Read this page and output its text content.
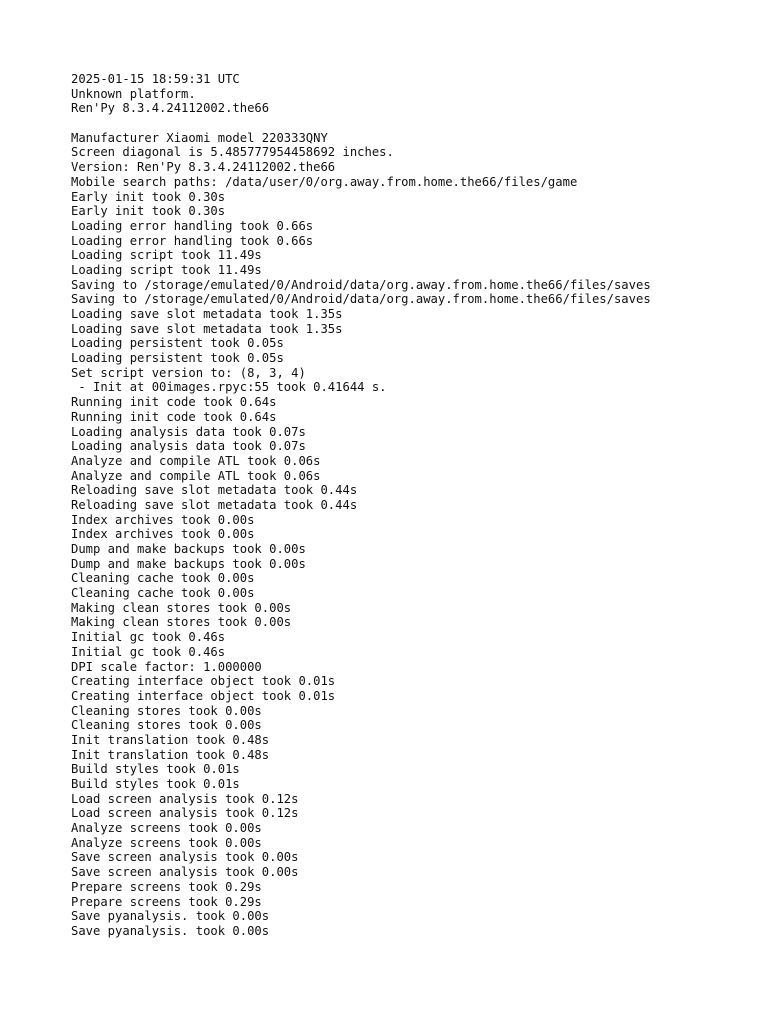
2025-01-15 18:59:31 UTC
Unknown platform.
Ren'Py 8.3.4.24112002.the66
Manufacturer Xiaomi model 220333QNY
Screen diagonal is 5.485777954458692 inches.
Version: Ren'Py 8.3.4.24112002.the66
Mobile search paths: /data/user/0/org.away.from.home.the66/files/game
Early init took 0.30s
Early init took 0.30s
Loading error handling took 0.66s
Loading error handling took 0.66s
Loading script took 11.49s
Loading script took 11.49s
Saving to /storage/emulated/0/Android/data/org.away.from.home.the66/files/saves
Saving to /storage/emulated/0/Android/data/org.away.from.home.the66/files/saves
Loading save slot metadata took 1.35s
Loading save slot metadata took 1.35s
Loading persistent took 0.05s
Loading persistent took 0.05s
Set script version to: (8, 3, 4)
- Init at 00images.rpyc:55 took 0.41644 s.
Running init code took 0.64s
Running init code took 0.64s
Loading analysis data took 0.07s
Loading analysis data took 0.07s
Analyze and compile ATL took 0.06s
Analyze and compile ATL took 0.06s
Reloading save slot metadata took 0.44s
Reloading save slot metadata took 0.44s
Index archives took 0.00s
Index archives took 0.00s
Dump and make backups took 0.00s
Dump and make backups took 0.00s
Cleaning cache took 0.00s
Cleaning cache took 0.00s
Making clean stores took 0.00s
Making clean stores took 0.00s
Initial gc took 0.46s
Initial gc took 0.46s
DPI scale factor: 1.000000
Creating interface object took 0.01s
Creating interface object took 0.01s
Cleaning stores took 0.00s
Cleaning stores took 0.00s
Init translation took 0.48s
Init translation took 0.48s
Build styles took 0.01s
Build styles took 0.01s
Load screen analysis took 0.12s
Load screen analysis took 0.12s
Analyze screens took 0.00s
Analyze screens took 0.00s
Save screen analysis took 0.00s
Save screen analysis took 0.00s
Prepare screens took 0.29s
Prepare screens took 0.29s
Save pyanalysis. took 0.00s
Save pyanalysis. took 0.00s
